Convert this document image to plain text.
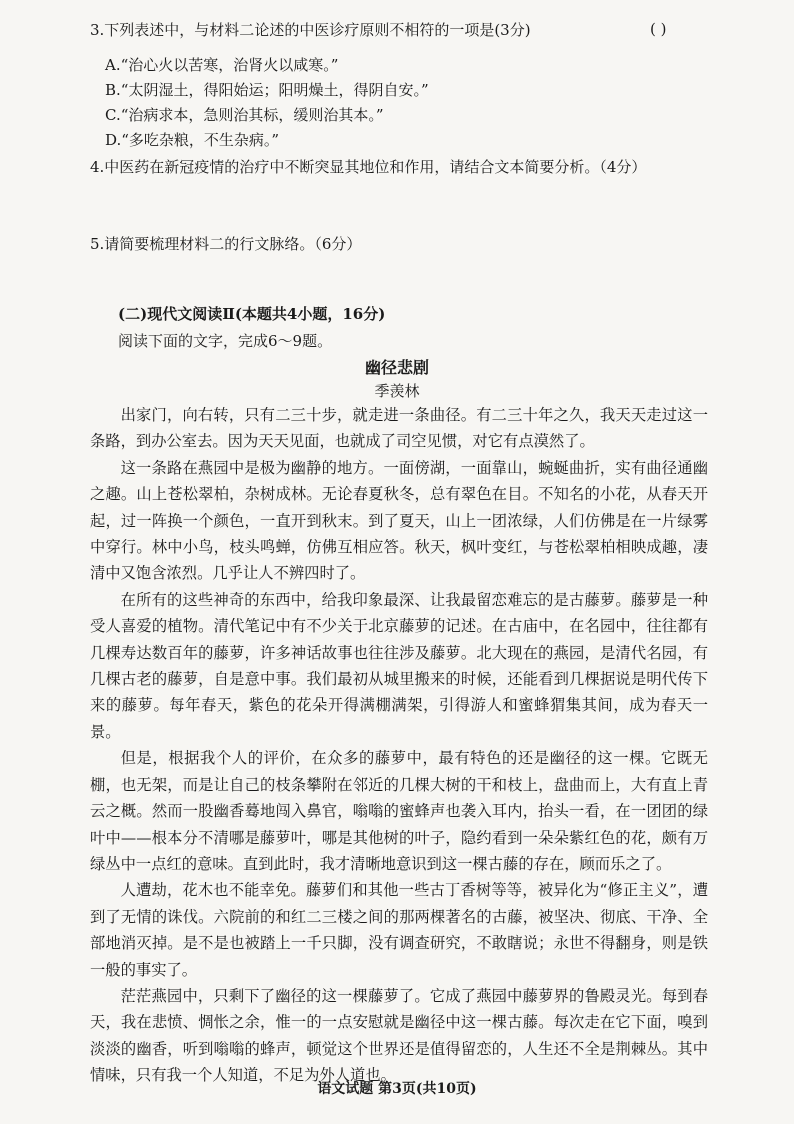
3.下列表述中，与材料二论述的中医诊疗原则不相符的一项是(3分)	( )
A.“治心火以苦寒，治肾火以咸寒。”
B.“太阴湿土，得阳始运；阳明燥土，得阴自安。”
C.“治病求本，急则治其标，缓则治其本。”
D.“多吃杂粮，不生杂病。”
4.中医药在新冠疫情的治疗中不断突显其地位和作用，请结合文本简要分析。（4分）
5.请简要梳理材料二的行文脉络。（6分）
(二)现代文阅读Ⅱ(本题共4小题，16分)
阅读下面的文字，完成6～9题。
幽径悲剧
季羡林

出家门，向右转，只有二三十步，就走进一条曲径。有二三十年之久，我天天走过这一条路，到办公室去。因为天天见面，也就成了司空见惯，对它有点漠然了。

这一条路在燕园中是极为幽静的地方。一面傍湖，一面靠山，蜿蜒曲折，实有曲径通幽之趣。山上苍松翠柏，杂树成林。无论春夏秋冬，总有翠色在目。不知名的小花，从春天开起，过一阵换一个颜色，一直开到秋末。到了夏天，山上一团浓绿，人们仿佛是在一片绿雾中穿行。林中小鸟，枝头鸣蝉，仿佛互相应答。秋天，枫叶变红，与苍松翠柏相映成趣，凄清中又饱含浓烈。几乎让人不辨四时了。

在所有的这些神奇的东西中，给我印象最深、让我最留恋难忘的是古藤萝。藤萝是一种受人喜爱的植物。清代笔记中有不少关于北京藤萝的记述。在古庙中，在名园中，往往都有几棵寿达数百年的藤萝，许多神话故事也往往涉及藤萝。北大现在的燕园，是清代名园，有几棵古老的藤萝，自是意中事。我们最初从城里搬来的时候，还能看到几棵据说是明代传下来的藤萝。每年春天，紫色的花朵开得满棚满架，引得游人和蜜蜂猬集其间，成为春天一景。

但是，根据我个人的评价，在众多的藤萝中，最有特色的还是幽径的这一棵。它既无棚，也无架，而是让自己的枝条攀附在邻近的几棵大树的干和枝上，盘曲而上，大有直上青云之概。然而一股幽香蓦地闯入鼻官，嗡嗡的蜜蜂声也袭入耳内，抬头一看，在一团团的绿叶中——根本分不清哪是藤萝叶，哪是其他树的叶子，隐约看到一朵朵紫红色的花，颇有万绿丛中一点红的意味。直到此时，我才清晰地意识到这一棵古藤的存在，顾而乐之了。

人遭劫，花木也不能幸免。藤萝们和其他一些古丁香树等等，被异化为“修正主义”，遭到了无情的诛伐。六院前的和红二三楼之间的那两棵著名的古藤，被坚决、彻底、干净、全部地消灭掉。是不是也被踏上一千只脚，没有调查研究，不敢瞎说；永世不得翻身，则是铁一般的事实了。

茫茫燕园中，只剩下了幽径的这一棵藤萝了。它成了燕园中藤萝界的鲁殿灵光。每到春天，我在悲愤、惆怅之余，惟一的一点安慰就是幽径中这一棵古藤。每次走在它下面，嗅到淡淡的幽香，听到嗡嗡的蜂声，顿觉这个世界还是值得留恋的，人生还不全是荆棘丛。其中情味，只有我一个人知道，不足为外人道也。

语文试题 第3页(共10页)
